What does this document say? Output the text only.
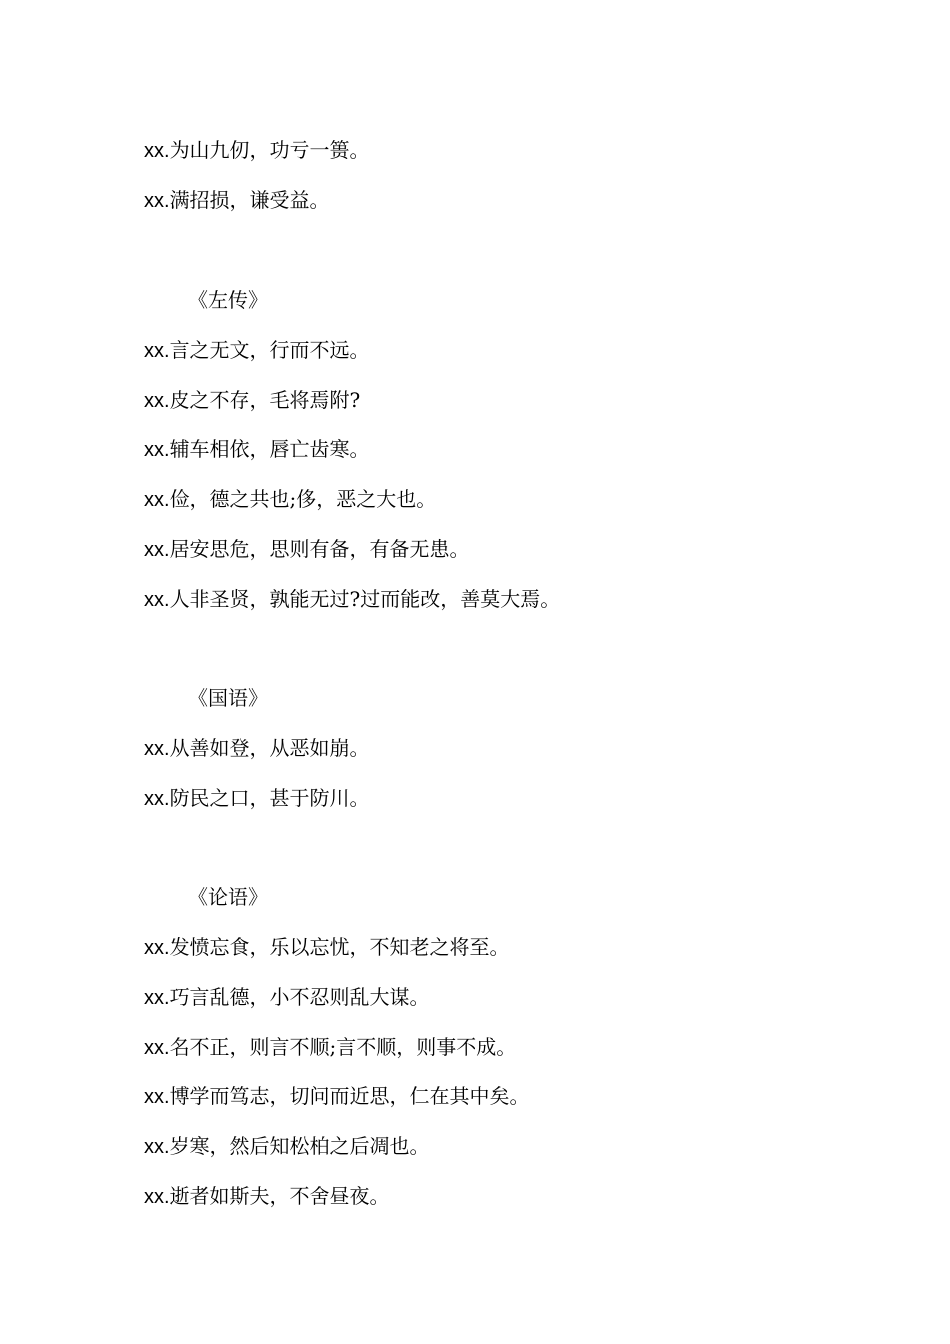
xx.为山九仞，功亏一篑。
xx.满招损，谦受益。
《左传》
xx.言之无文，行而不远。
xx.皮之不存，毛将焉附?
xx.辅车相依，唇亡齿寒。
xx.俭，德之共也;侈，恶之大也。
xx.居安思危，思则有备，有备无患。
xx.人非圣贤，孰能无过?过而能改，善莫大焉。
《国语》
xx.从善如登，从恶如崩。
xx.防民之口，甚于防川。
《论语》
xx.发愤忘食，乐以忘忧，不知老之将至。
xx.巧言乱德，小不忍则乱大谋。
xx.名不正，则言不顺;言不顺，则事不成。
xx.博学而笃志，切问而近思，仁在其中矣。
xx.岁寒，然后知松柏之后凋也。
xx.逝者如斯夫，不舍昼夜。
